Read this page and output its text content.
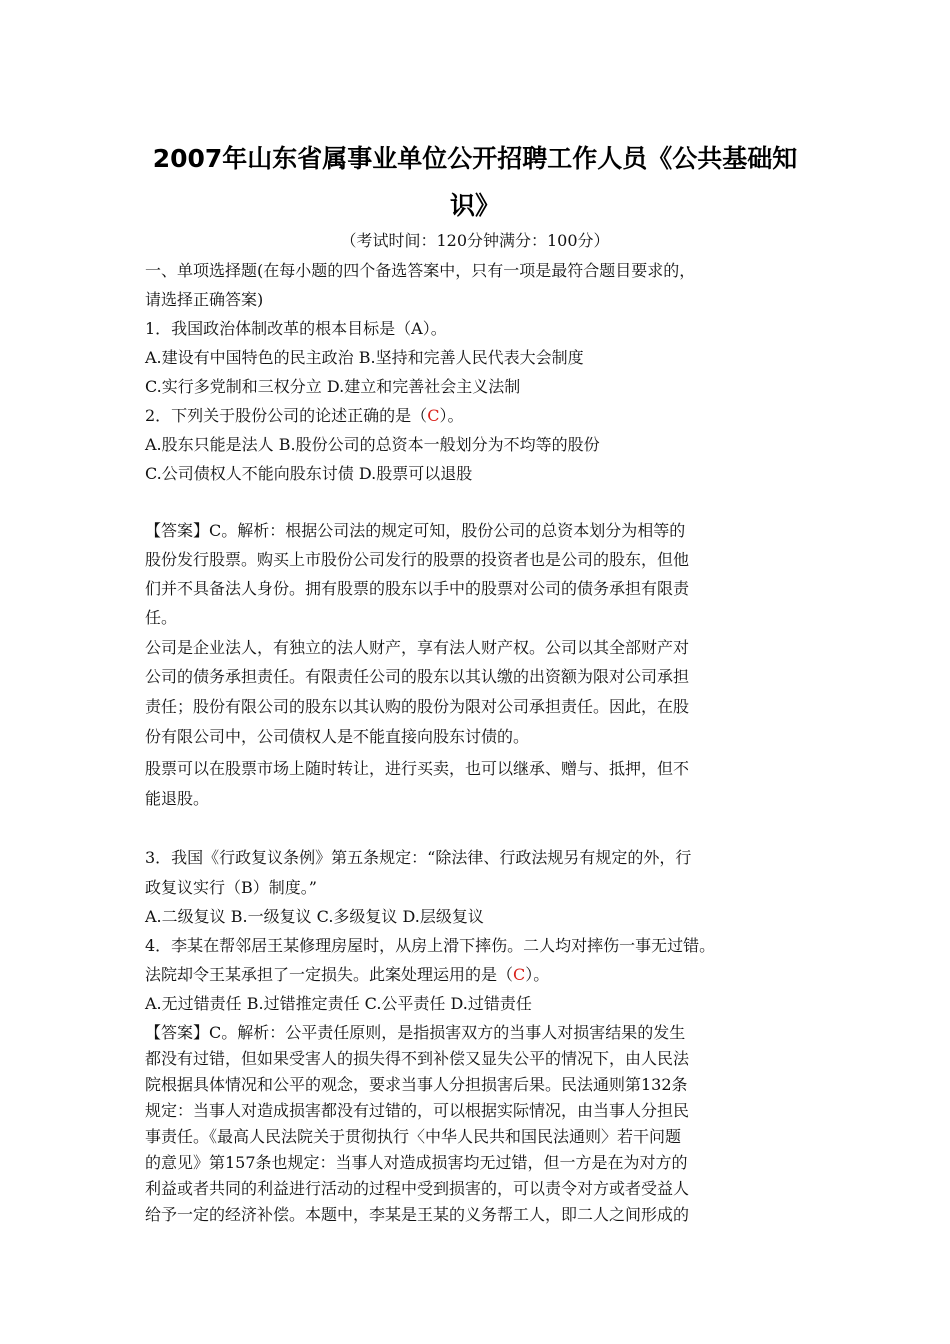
2007年山东省属事业单位公开招聘工作人员《公共基础知
识》
（考试时间：120分钟满分：100分）
一、单项选择题(在每小题的四个备选答案中，只有一项是最符合题目要求的，
请选择正确答案)
1．我国政治体制改革的根本目标是（A）。
A.建设有中国特色的民主政治 B.坚持和完善人民代表大会制度
C.实行多党制和三权分立 D.建立和完善社会主义法制
2．下列关于股份公司的论述正确的是（C）。
A.股东只能是法人 B.股份公司的总资本一般划分为不均等的股份
C.公司债权人不能向股东讨债 D.股票可以退股
【答案】C。解析：根据公司法的规定可知，股份公司的总资本划分为相等的
股份发行股票。购买上市股份公司发行的股票的投资者也是公司的股东，但他
们并不具备法人身份。拥有股票的股东以手中的股票对公司的债务承担有限责
任。
公司是企业法人，有独立的法人财产，享有法人财产权。公司以其全部财产对
公司的债务承担责任。有限责任公司的股东以其认缴的出资额为限对公司承担
责任；股份有限公司的股东以其认购的股份为限对公司承担责任。因此，在股
份有限公司中，公司债权人是不能直接向股东讨债的。
股票可以在股票市场上随时转让，进行买卖，也可以继承、赠与、抵押，但不
能退股。
3．我国《行政复议条例》第五条规定：“除法律、行政法规另有规定的外，行
政复议实行（B）制度。”
A.二级复议 B.一级复议 C.多级复议 D.层级复议
4．李某在帮邻居王某修理房屋时，从房上滑下摔伤。二人均对摔伤一事无过错。
法院却令王某承担了一定损失。此案处理运用的是（C）。
A.无过错责任 B.过错推定责任 C.公平责任 D.过错责任
【答案】C。解析：公平责任原则，是指损害双方的当事人对损害结果的发生
都没有过错，但如果受害人的损失得不到补偿又显失公平的情况下，由人民法
院根据具体情况和公平的观念，要求当事人分担损害后果。民法通则第132条
规定：当事人对造成损害都没有过错的，可以根据实际情况，由当事人分担民
事责任。《最高人民法院关于贯彻执行〈中华人民共和国民法通则〉若干问题
的意见》第157条也规定：当事人对造成损害均无过错，但一方是在为对方的
利益或者共同的利益进行活动的过程中受到损害的，可以责令对方或者受益人
给予一定的经济补偿。本题中，李某是王某的义务帮工人，即二人之间形成的
